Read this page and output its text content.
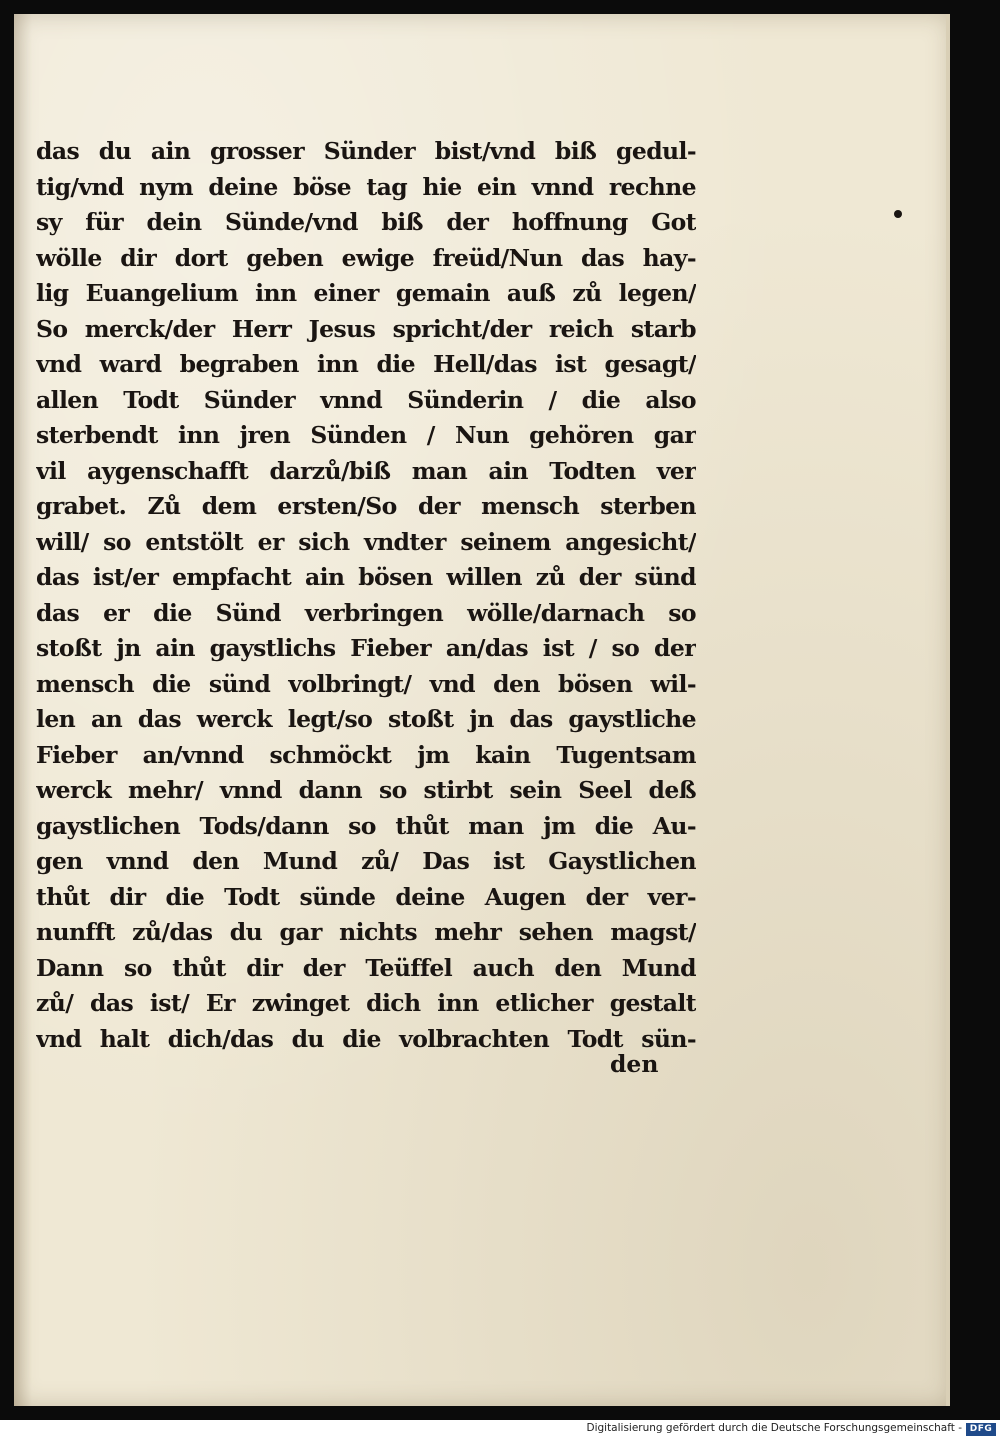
das du ain grosser Sünder bist/vnd biß gedul-
tig/vnd nym deine böse tag hie ein vnnd rechne
sy für dein Sünde/vnd biß der hoffnung Got
wölle dir dort geben ewige freüd/Nun das hay-
lig Euangelium inn einer gemain auß zů legen/
So merck/der Herr Jesus spricht/der reich starb
vnd ward begraben inn die Hell/das ist gesagt/
allen Todt Sünder vnnd Sünderin / die also
sterbendt inn jren Sünden / Nun gehören gar
vil aygenschafft darzů/biß man ain Todten ver
grabet. Zů dem ersten/So der mensch sterben
will/ so entstölt er sich vndter seinem angesicht/
das ist/er empfacht ain bösen willen zů der sünd
das er die Sünd verbringen wölle/darnach so
stoßt jn ain gaystlichs Fieber an/das ist / so der
mensch die sünd volbringt/ vnd den bösen wil-
len an das werck legt/so stoßt jn das gaystliche
Fieber an/vnnd schmöckt jm kain Tugentsam
werck mehr/ vnnd dann so stirbt sein Seel deß
gaystlichen Tods/dann so thůt man jm die Au-
gen vnnd den Mund zů/ Das ist Gaystlichen
thůt dir die Todt sünde deine Augen der ver-
nunfft zů/das du gar nichts mehr sehen magst/
Dann so thůt dir der Teüffel auch den Mund
zů/ das ist/ Er zwinget dich inn etlicher gestalt
vnd halt dich/das du die volbrachten Todt sün-
den
Digitalisierung gefördert durch die Deutsche Forschungsgemeinschaft - DFG
